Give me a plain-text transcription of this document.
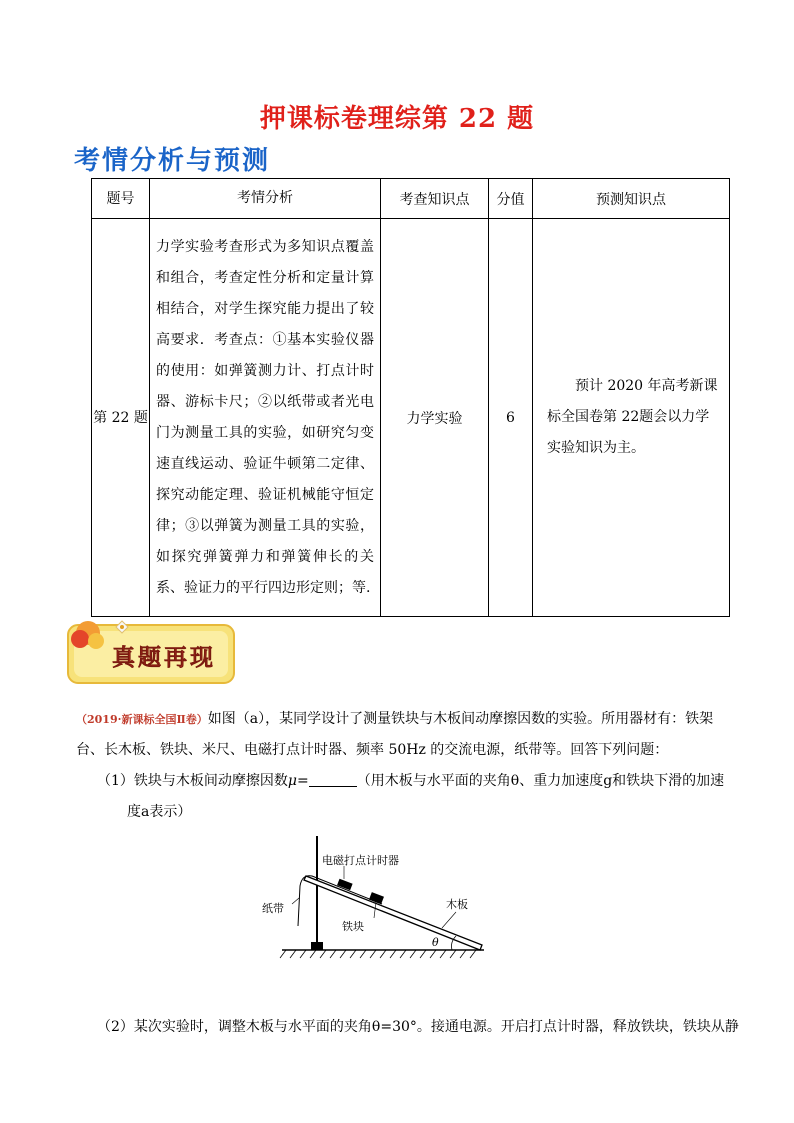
押课标卷理综第 22 题
考情分析与预测
题号	考情分析	考查知识点	分值	预测知识点
第 22 题	力学实验考查形式为多知识点覆盖和组合，考查定性分析和定量计算相结合，对学生探究能力提出了较高要求．考查点：①基本实验仪器的使用：如弹簧测力计、打点计时器、游标卡尺；②以纸带或者光电门为测量工具的实验，如研究匀变速直线运动、验证牛顿第二定律、探究动能定理、验证机械能守恒定律；③以弹簧为测量工具的实验，如探究弹簧弹力和弹簧伸长的关系、验证力的平行四边形定则；等.	力学实验	6	预计 2020 年高考新课标全国卷第 22题会以力学实验知识为主。
真题再现

（2019·新课标全国Ⅱ卷）如图（a），某同学设计了测量铁块与木板间动摩擦因数的实验。所用器材有：铁架台、长木板、铁块、米尺、电磁打点计时器、频率 50Hz 的交流电源，纸带等。回答下列问题：

（1）铁块与木板间动摩擦因数μ=	（用木板与水平面的夹角θ、重力加速度g和铁块下滑的加速

度a表示）

电磁打点计时器
纸带
铁块
木板
θ
（2）某次实验时，调整木板与水平面的夹角θ=30°。接通电源。开启打点计时器，释放铁块，铁块从静
